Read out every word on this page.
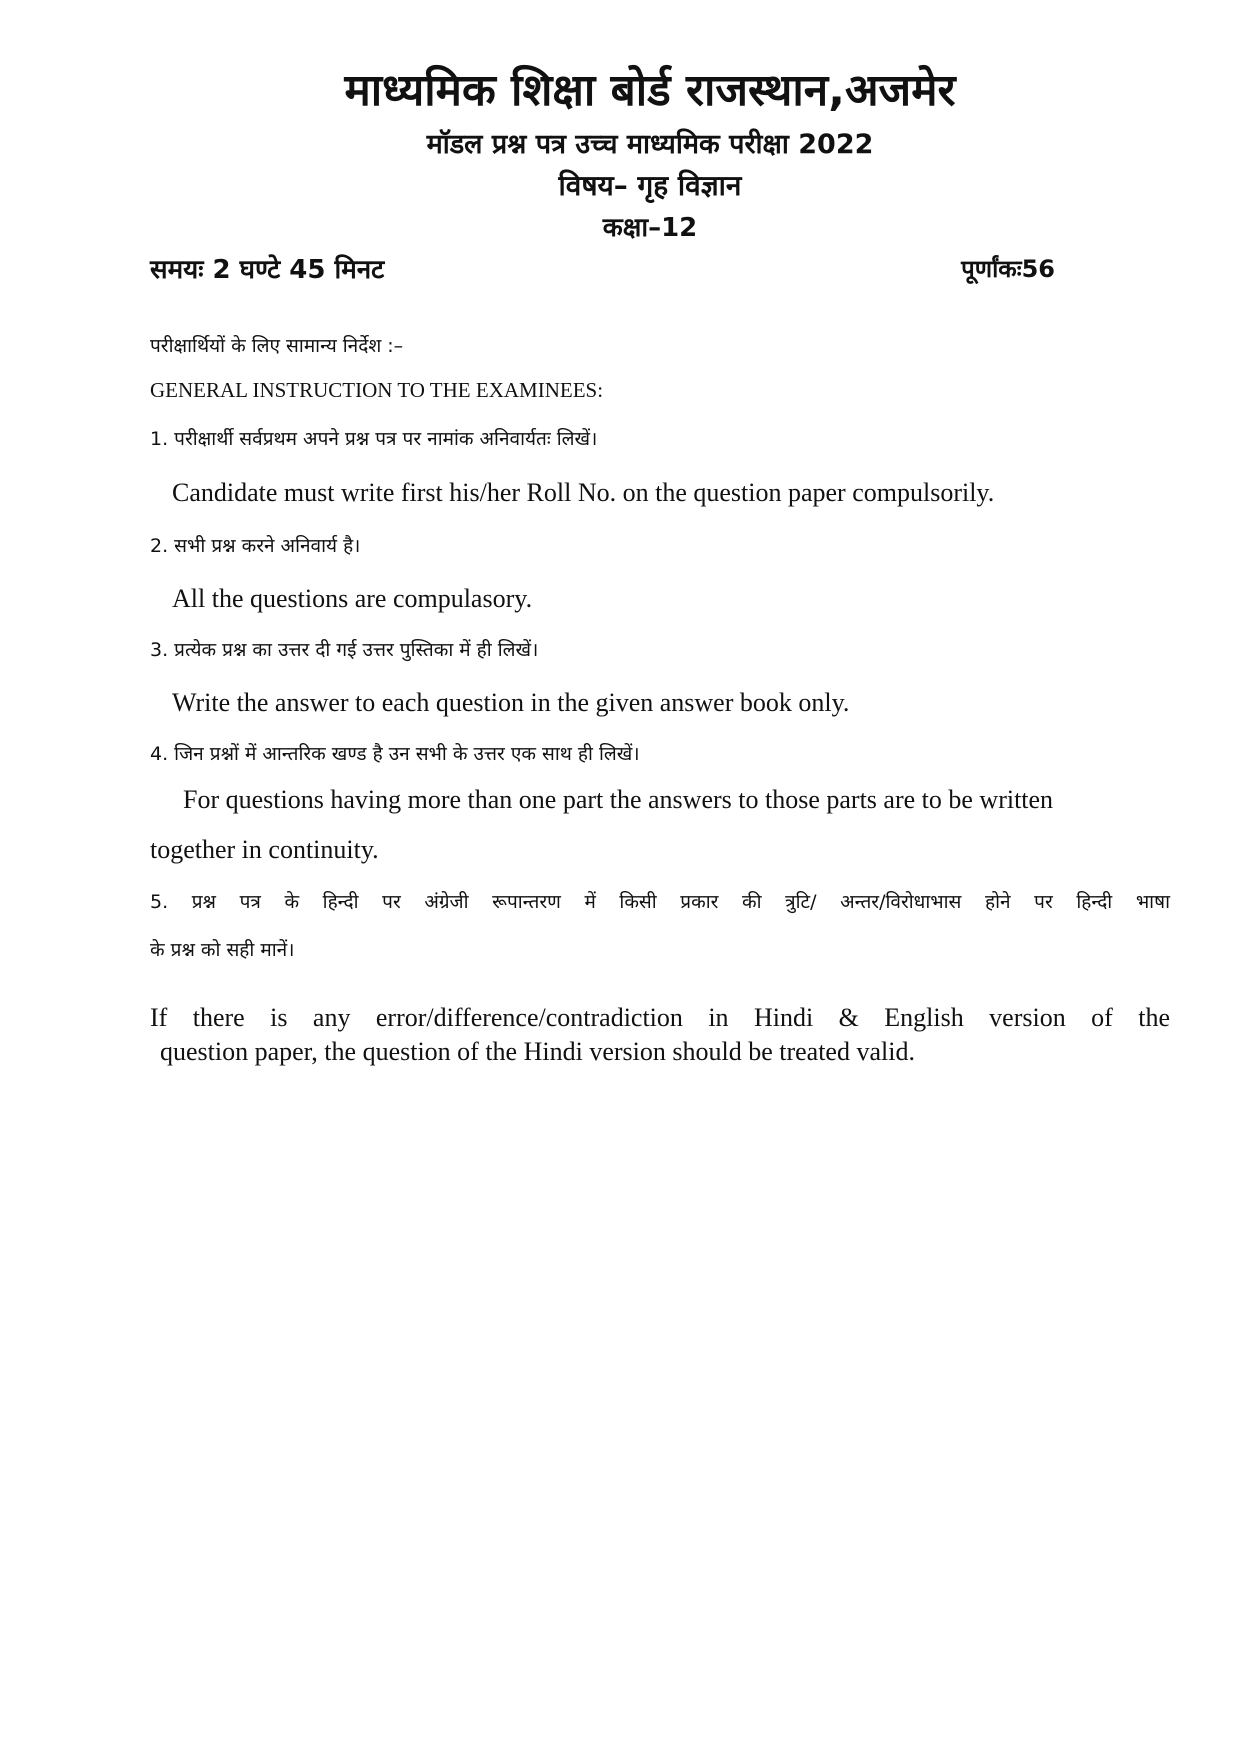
माध्यमिक शिक्षा बोर्ड राजस्थान,अजमेर
मॉडल प्रश्न पत्र उच्च माध्यमिक परीक्षा 2022
विषय– गृह विज्ञान
कक्षा–12
समयः 2 घण्टे 45 मिनट	पूर्णांकः56
परीक्षार्थियों के लिए सामान्य निर्देश :–
GENERAL INSTRUCTION TO THE EXAMINEES:
1. परीक्षार्थी सर्वप्रथम अपने प्रश्न पत्र पर नामांक अनिवार्यतः लिखें।
Candidate must write first his/her Roll No. on the question paper compulsorily.
2. सभी प्रश्न करने अनिवार्य है।
All the questions are compulasory.
3. प्रत्येक प्रश्न का उत्तर दी गई उत्तर पुस्तिका में ही लिखें।
Write the answer to each question in the given answer book only.
4. जिन प्रश्नों में आन्तरिक खण्ड है उन सभी के उत्तर एक साथ ही लिखें।
For questions having more than one part the answers to those parts are to be written
together in continuity.
5. प्रश्न पत्र के हिन्दी पर अंग्रेजी रूपान्तरण में किसी प्रकार की त्रुटि/ अन्तर/विरोधाभास होने पर हिन्दी भाषा
के प्रश्न को सही मानें।
If there is any error/difference/contradiction in Hindi & English version of the
question paper, the question of the Hindi version should be treated valid.
